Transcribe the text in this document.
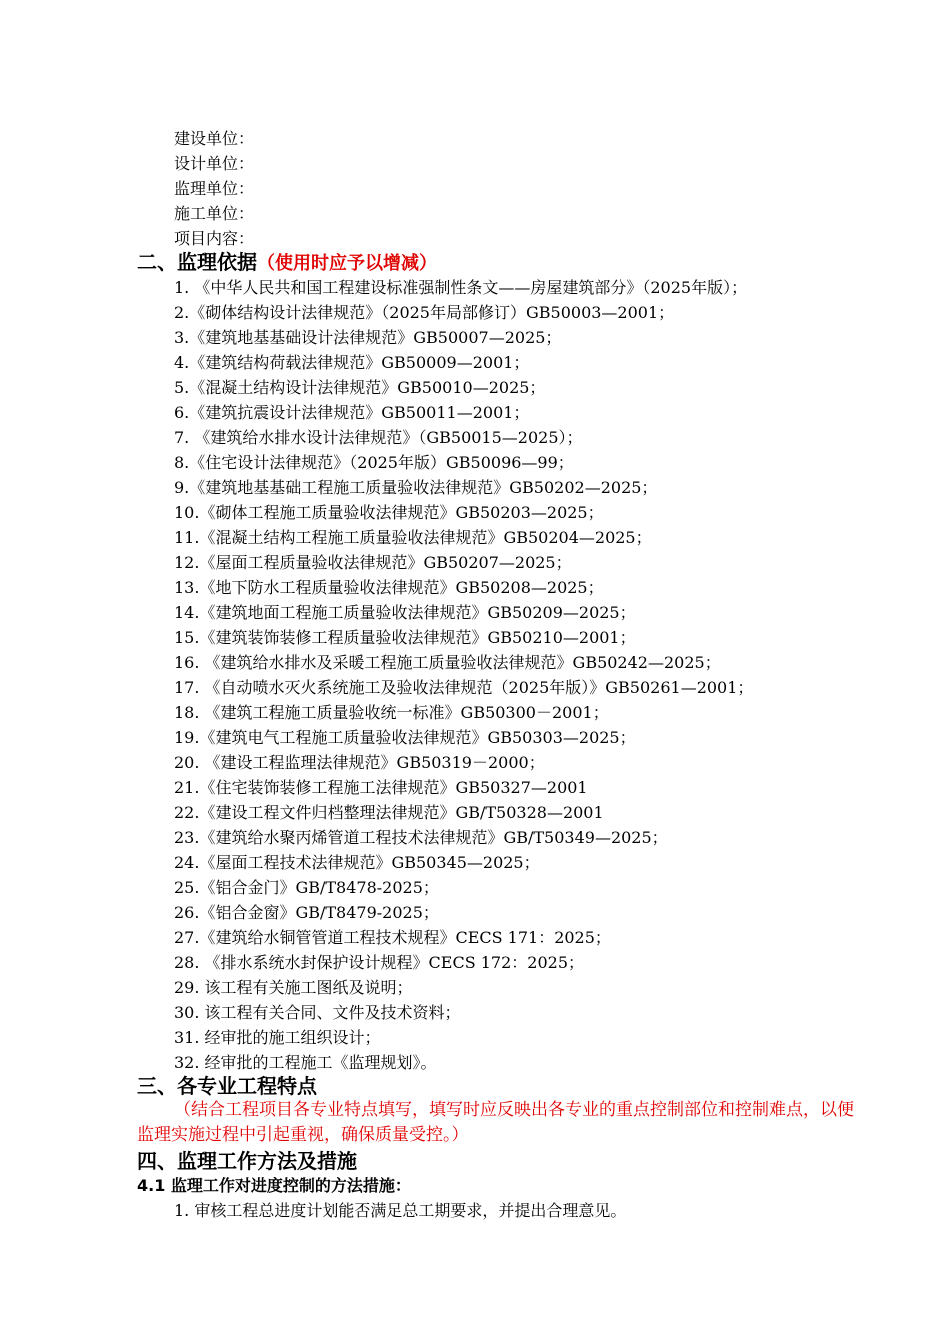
建设单位：
设计单位：
监理单位：
施工单位：
项目内容：
二、监理依据（使用时应予以增减）
1. 《中华人民共和国工程建设标准强制性条文——房屋建筑部分》（2025年版）；
2.《砌体结构设计法律规范》（2025年局部修订）GB50003—2001；
3.《建筑地基基础设计法律规范》GB50007—2025；
4.《建筑结构荷载法律规范》GB50009—2001；
5.《混凝土结构设计法律规范》GB50010—2025；
6.《建筑抗震设计法律规范》GB50011—2001；
7. 《建筑给水排水设计法律规范》（GB50015—2025）；
8.《住宅设计法律规范》（2025年版）GB50096—99；
9.《建筑地基基础工程施工质量验收法律规范》GB50202—2025；
10.《砌体工程施工质量验收法律规范》GB50203—2025；
11.《混凝土结构工程施工质量验收法律规范》GB50204—2025；
12.《屋面工程质量验收法律规范》GB50207—2025；
13.《地下防水工程质量验收法律规范》GB50208—2025；
14.《建筑地面工程施工质量验收法律规范》GB50209—2025；
15.《建筑装饰装修工程质量验收法律规范》GB50210—2001；
16. 《建筑给水排水及采暖工程施工质量验收法律规范》GB50242—2025；
17. 《自动喷水灭火系统施工及验收法律规范（2025年版）》GB50261—2001；
18. 《建筑工程施工质量验收统一标准》GB50300－2001；
19.《建筑电气工程施工质量验收法律规范》GB50303—2025；
20. 《建设工程监理法律规范》GB50319－2000；
21.《住宅装饰装修工程施工法律规范》GB50327—2001
22.《建设工程文件归档整理法律规范》GB/T50328—2001
23.《建筑给水聚丙烯管道工程技术法律规范》GB/T50349—2025；
24.《屋面工程技术法律规范》GB50345—2025；
25.《铝合金门》GB/T8478-2025；
26.《铝合金窗》GB/T8479-2025；
27.《建筑给水铜管管道工程技术规程》CECS 171：2025；
28. 《排水系统水封保护设计规程》CECS 172：2025；
29. 该工程有关施工图纸及说明；
30. 该工程有关合同、文件及技术资料；
31. 经审批的施工组织设计；
32. 经审批的工程施工《监理规划》。
三、各专业工程特点
（结合工程项目各专业特点填写，填写时应反映出各专业的重点控制部位和控制难点，以便监理实施过程中引起重视，确保质量受控。）
四、监理工作方法及措施
4.1 监理工作对进度控制的方法措施：
1. 审核工程总进度计划能否满足总工期要求，并提出合理意见。
